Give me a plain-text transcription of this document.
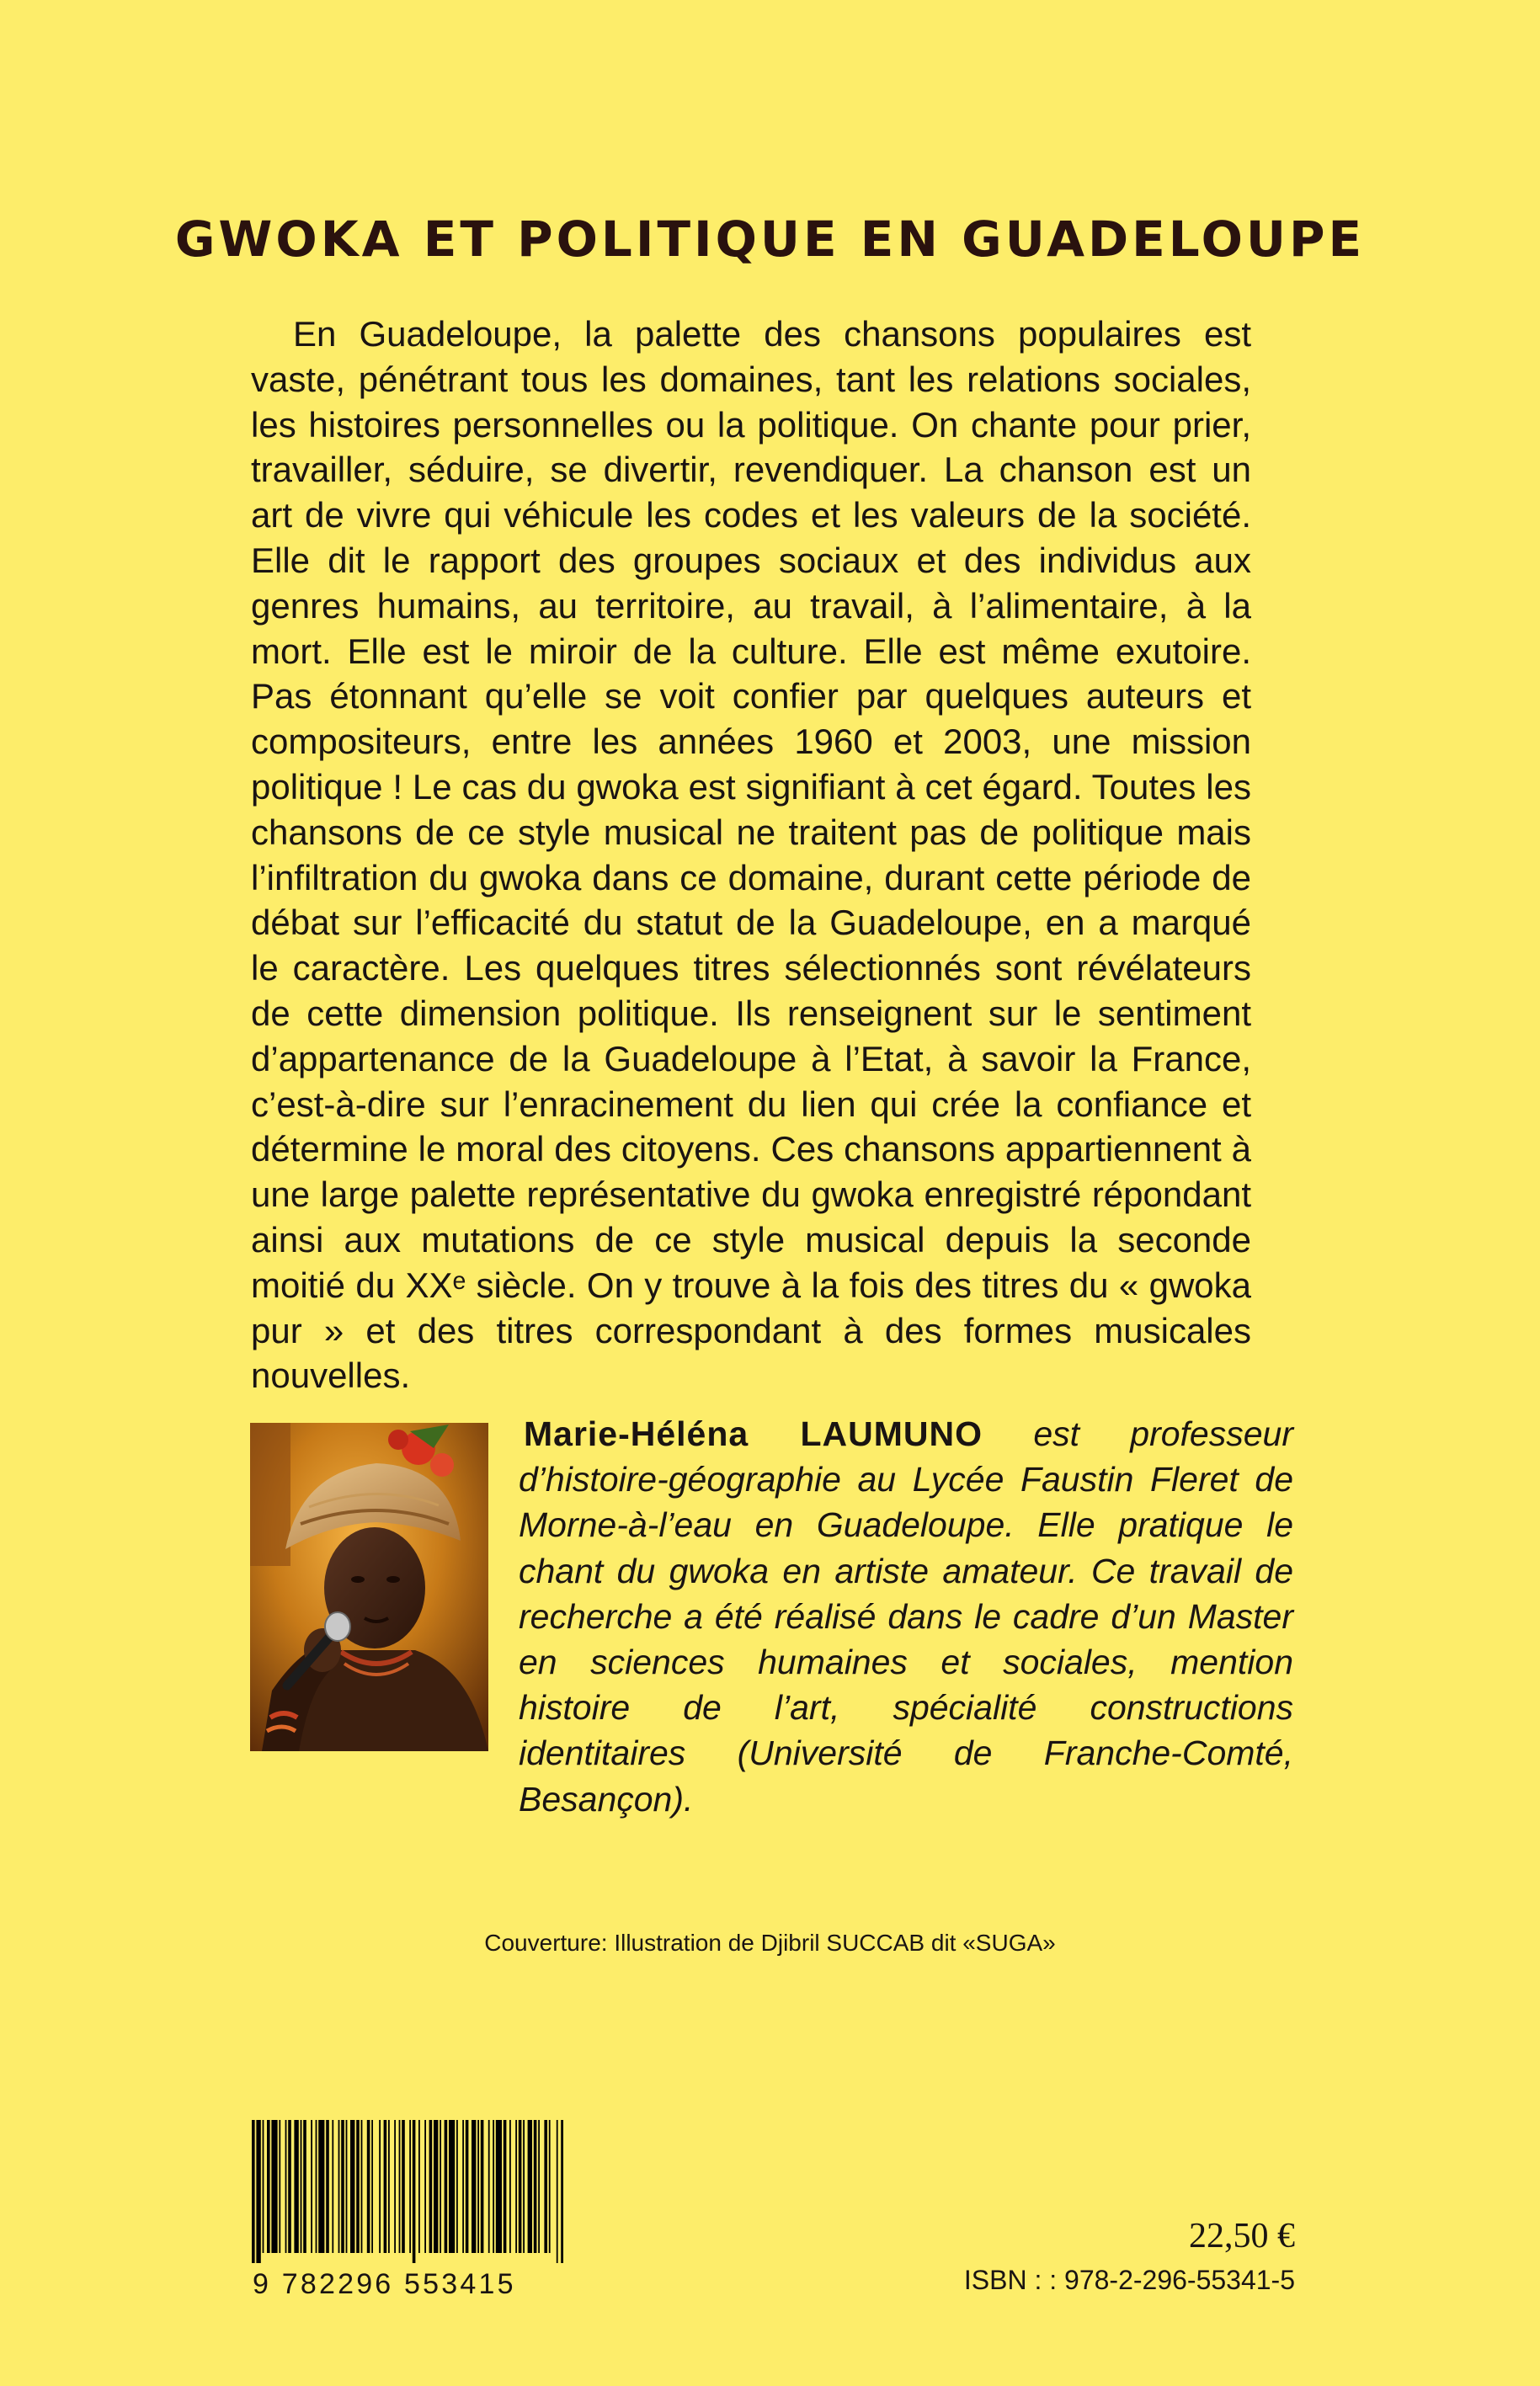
GWOKA ET POLITIQUE EN GUADELOUPE

En Guadeloupe, la palette des chansons populaires est vaste, pénétrant tous les domaines, tant les relations sociales, les histoires personnelles ou la politique. On chante pour prier, travailler, séduire, se divertir, revendiquer. La chanson est un art de vivre qui véhicule les codes et les valeurs de la société. Elle dit le rapport des groupes sociaux et des individus aux genres humains, au territoire, au travail, à l’alimentaire, à la mort. Elle est le miroir de la culture. Elle est même exutoire. Pas étonnant qu’elle se voit confier par quelques auteurs et compositeurs, entre les années 1960 et 2003, une mission politique ! Le cas du gwoka est signifiant à cet égard. Toutes les chansons de ce style musical ne traitent pas de politique mais l’infiltration du gwoka dans ce domaine, durant cette période de débat sur l’efficacité du statut de la Guadeloupe, en a marqué le caractère. Les quelques titres sélectionnés sont révélateurs de cette dimension politique. Ils renseignent sur le sentiment d’appartenance de la Guadeloupe à l’Etat, à savoir la France, c’est-à-dire sur l’enracinement du lien qui crée la confiance et détermine le moral des citoyens. Ces chansons appartiennent à une large palette représentative du gwoka enregistré répondant ainsi aux mutations de ce style musical depuis la seconde moitié du XXᵉ siècle. On y trouve à la fois des titres du « gwoka pur » et des titres correspondant à des formes musicales nouvelles.

Marie-Héléna LAUMUNO est professeur d’histoire-géographie au Lycée Faustin Fleret de Morne-à-l’eau en Guadeloupe. Elle pratique le chant du gwoka en artiste amateur. Ce travail de recherche a été réalisé dans le cadre d’un Master en sciences humaines et sociales, mention histoire de l’art, spécialité constructions identitaires (Université de Franche-Comté, Besançon).

Couverture: Illustration de Djibril SUCCAB dit «SUGA»
9 782296 553415
22,50 €
ISBN : : 978-2-296-55341-5
